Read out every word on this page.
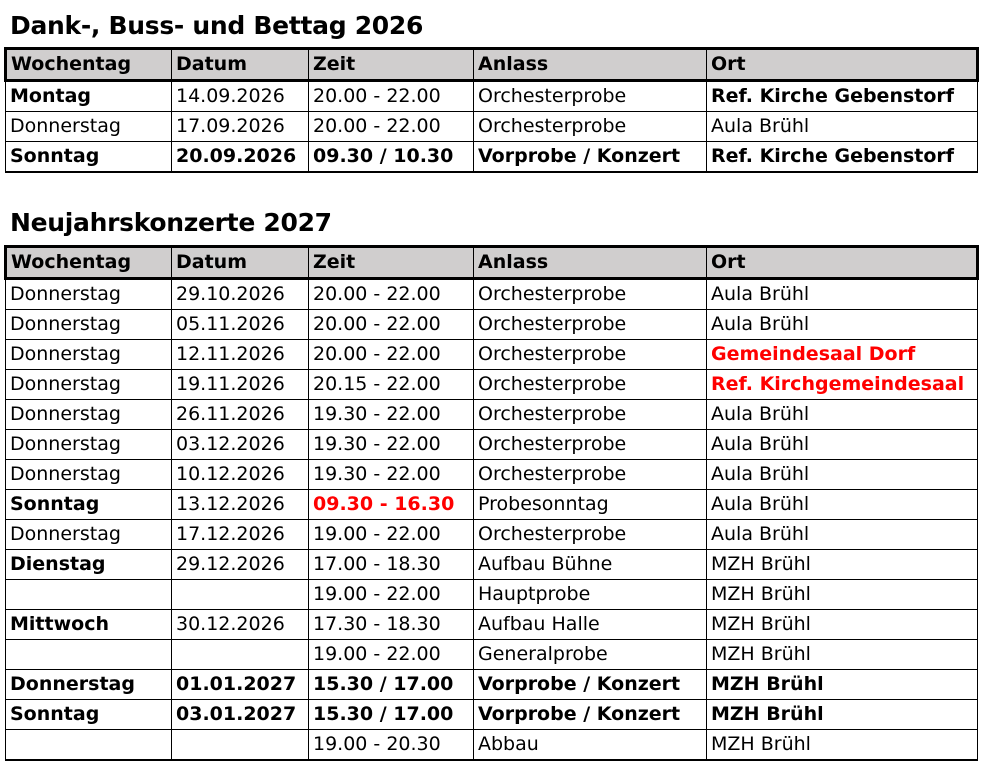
Dank-, Buss- und Bettag 2026
Wochentag	Datum	Zeit	Anlass	Ort
Montag	14.09.2026	20.00 - 22.00	Orchesterprobe	Ref. Kirche Gebenstorf
Donnerstag	17.09.2026	20.00 - 22.00	Orchesterprobe	Aula Brühl
Sonntag	20.09.2026	09.30 / 10.30	Vorprobe / Konzert	Ref. Kirche Gebenstorf
Neujahrskonzerte 2027
Wochentag	Datum	Zeit	Anlass	Ort
Donnerstag	29.10.2026	20.00 - 22.00	Orchesterprobe	Aula Brühl
Donnerstag	05.11.2026	20.00 - 22.00	Orchesterprobe	Aula Brühl
Donnerstag	12.11.2026	20.00 - 22.00	Orchesterprobe	Gemeindesaal Dorf
Donnerstag	19.11.2026	20.15 - 22.00	Orchesterprobe	Ref. Kirchgemeindesaal
Donnerstag	26.11.2026	19.30 - 22.00	Orchesterprobe	Aula Brühl
Donnerstag	03.12.2026	19.30 - 22.00	Orchesterprobe	Aula Brühl
Donnerstag	10.12.2026	19.30 - 22.00	Orchesterprobe	Aula Brühl
Sonntag	13.12.2026	09.30 - 16.30	Probesonntag	Aula Brühl
Donnerstag	17.12.2026	19.00 - 22.00	Orchesterprobe	Aula Brühl
Dienstag	29.12.2026	17.00 - 18.30	Aufbau Bühne	MZH Brühl
		19.00 - 22.00	Hauptprobe	MZH Brühl
Mittwoch	30.12.2026	17.30 - 18.30	Aufbau Halle	MZH Brühl
		19.00 - 22.00	Generalprobe	MZH Brühl
Donnerstag	01.01.2027	15.30 / 17.00	Vorprobe / Konzert	MZH Brühl
Sonntag	03.01.2027	15.30 / 17.00	Vorprobe / Konzert	MZH Brühl
		19.00 - 20.30	Abbau	MZH Brühl
